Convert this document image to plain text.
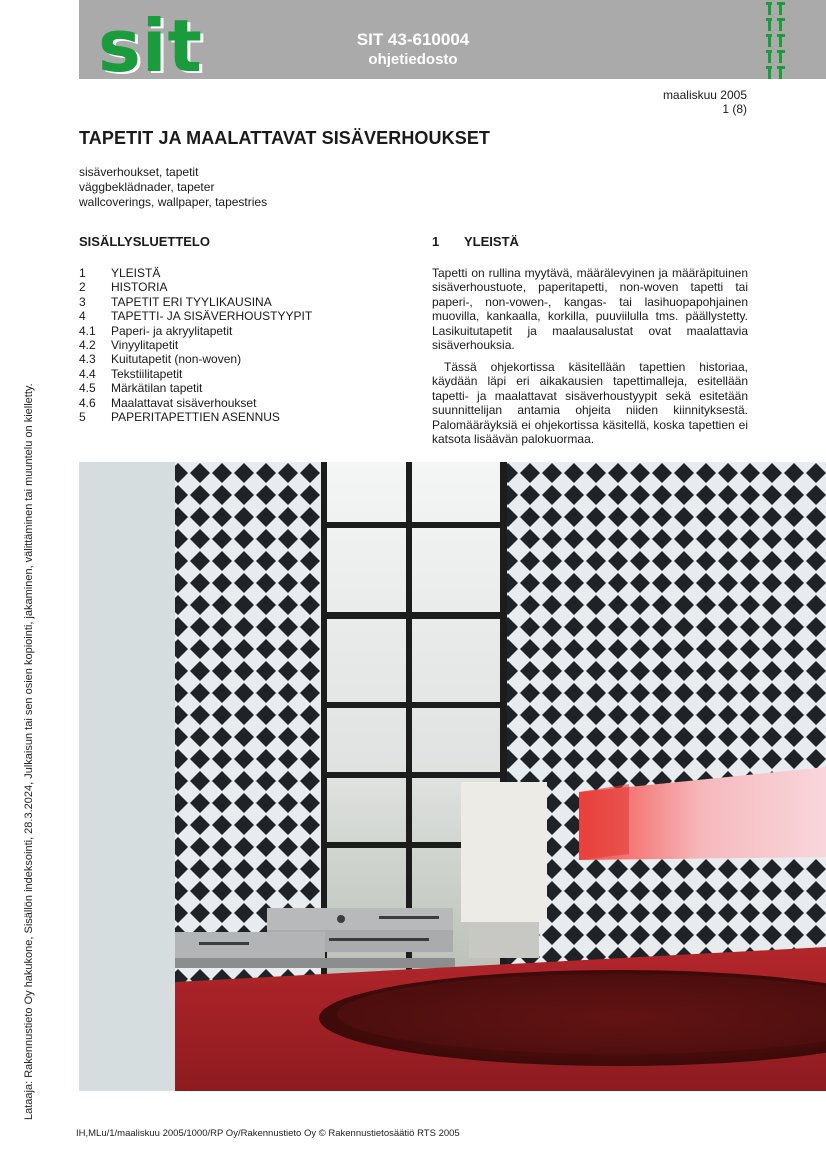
sit	SIT 43-610004
ohjetiedosto
maaliskuu 2005
1 (8)
TAPETIT JA MAALATTAVAT SISÄVERHOUKSET
sisäverhoukset, tapetit
väggbeklädnader, tapeter
wallcoverings, wallpaper, tapestries
SISÄLLYSLUETTELO
1	YLEISTÄ
2	HISTORIA
3	TAPETIT ERI TYYLIKAUSINA
4	TAPETTI- JA SISÄVERHOUSTYYPIT
4.1	Paperi- ja akryylitapetit
4.2	Vinyylitapetit
4.3	Kuitutapetit (non-woven)
4.4	Tekstiilitapetit
4.5	Märkätilan tapetit
4.6	Maalattavat sisäverhoukset
5	PAPERITAPETTIEN ASENNUS
1	YLEISTÄ

Tapetti on rullina myytävä, määrälevyinen ja määräpituinen sisäverhoustuote, paperitapetti, non-woven tapetti tai paperi-, non-vowen-, kangas- tai lasihuopapohjainen muovilla, kankaalla, korkilla, puuviilulla tms. päällystetty. Lasikuitutapetit ja maalausalustat ovat maalattavia sisäverhouksia.

Tässä ohjekortissa käsitellään tapettien historiaa, käydään läpi eri aikakausien tapettimalleja, esitellään tapetti- ja maalattavat sisäverhoustyypit sekä esitetään suunnittelijan antamia ohjeita niiden kiinnityksestä. Palomääräyksiä ei ohjekortissa käsitellä, koska tapettien ei katsota lisäävän palokuormaa.

Lataaja: Rakennustieto Oy hakukone, Sisällön indeksointi, 28.3.2024, Julkaisun tai sen osien kopiointi, jakaminen, välittäminen tai muuntelu on kielletty.
IH,MLu/1/maaliskuu 2005/1000/RP Oy/Rakennustieto Oy © Rakennustietosäätiö RTS 2005
